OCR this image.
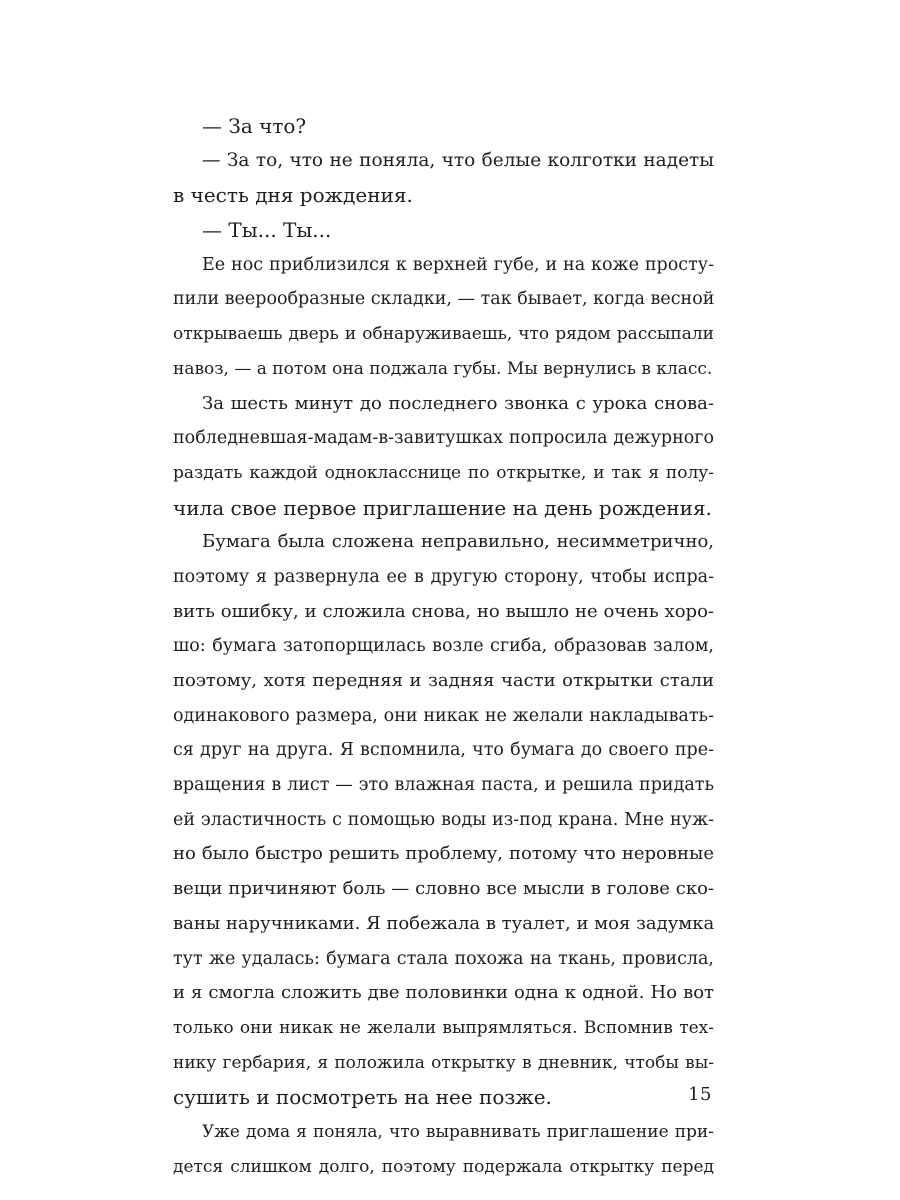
— За что?
— За то, что не поняла, что белые колготки надеты
в честь дня рождения.
— Ты... Ты...
Ее нос приблизился к верхней губе, и на коже просту-
пили веерообразные складки, — так бывает, когда весной
открываешь дверь и обнаруживаешь, что рядом рассыпали
навоз, — а потом она поджала губы. Мы вернулись в класс.
За шесть минут до последнего звонка с урока снова-
побледневшая-мадам-в-завитушках попросила дежурного
раздать каждой однокласснице по открытке, и так я полу-
чила свое первое приглашение на день рождения.
Бумага была сложена неправильно, несимметрично,
поэтому я развернула ее в другую сторону, чтобы испра-
вить ошибку, и сложила снова, но вышло не очень хоро-
шо: бумага затопорщилась возле сгиба, образовав залом,
поэтому, хотя передняя и задняя части открытки стали
одинакового размера, они никак не желали накладывать-
ся друг на друга. Я вспомнила, что бумага до своего пре-
вращения в лист — это влажная паста, и решила придать
ей эластичность с помощью воды из-под крана. Мне нуж-
но было быстро решить проблему, потому что неровные
вещи причиняют боль — словно все мысли в голове ско-
ваны наручниками. Я побежала в туалет, и моя задумка
тут же удалась: бумага стала похожа на ткань, провисла,
и я смогла сложить две половинки одна к одной. Но вот
только они никак не желали выпрямляться. Вспомнив тех-
нику гербария, я положила открытку в дневник, чтобы вы-
сушить и посмотреть на нее позже.
Уже дома я поняла, что выравнивать приглашение при-
дется слишком долго, поэтому подержала открытку перед
15
